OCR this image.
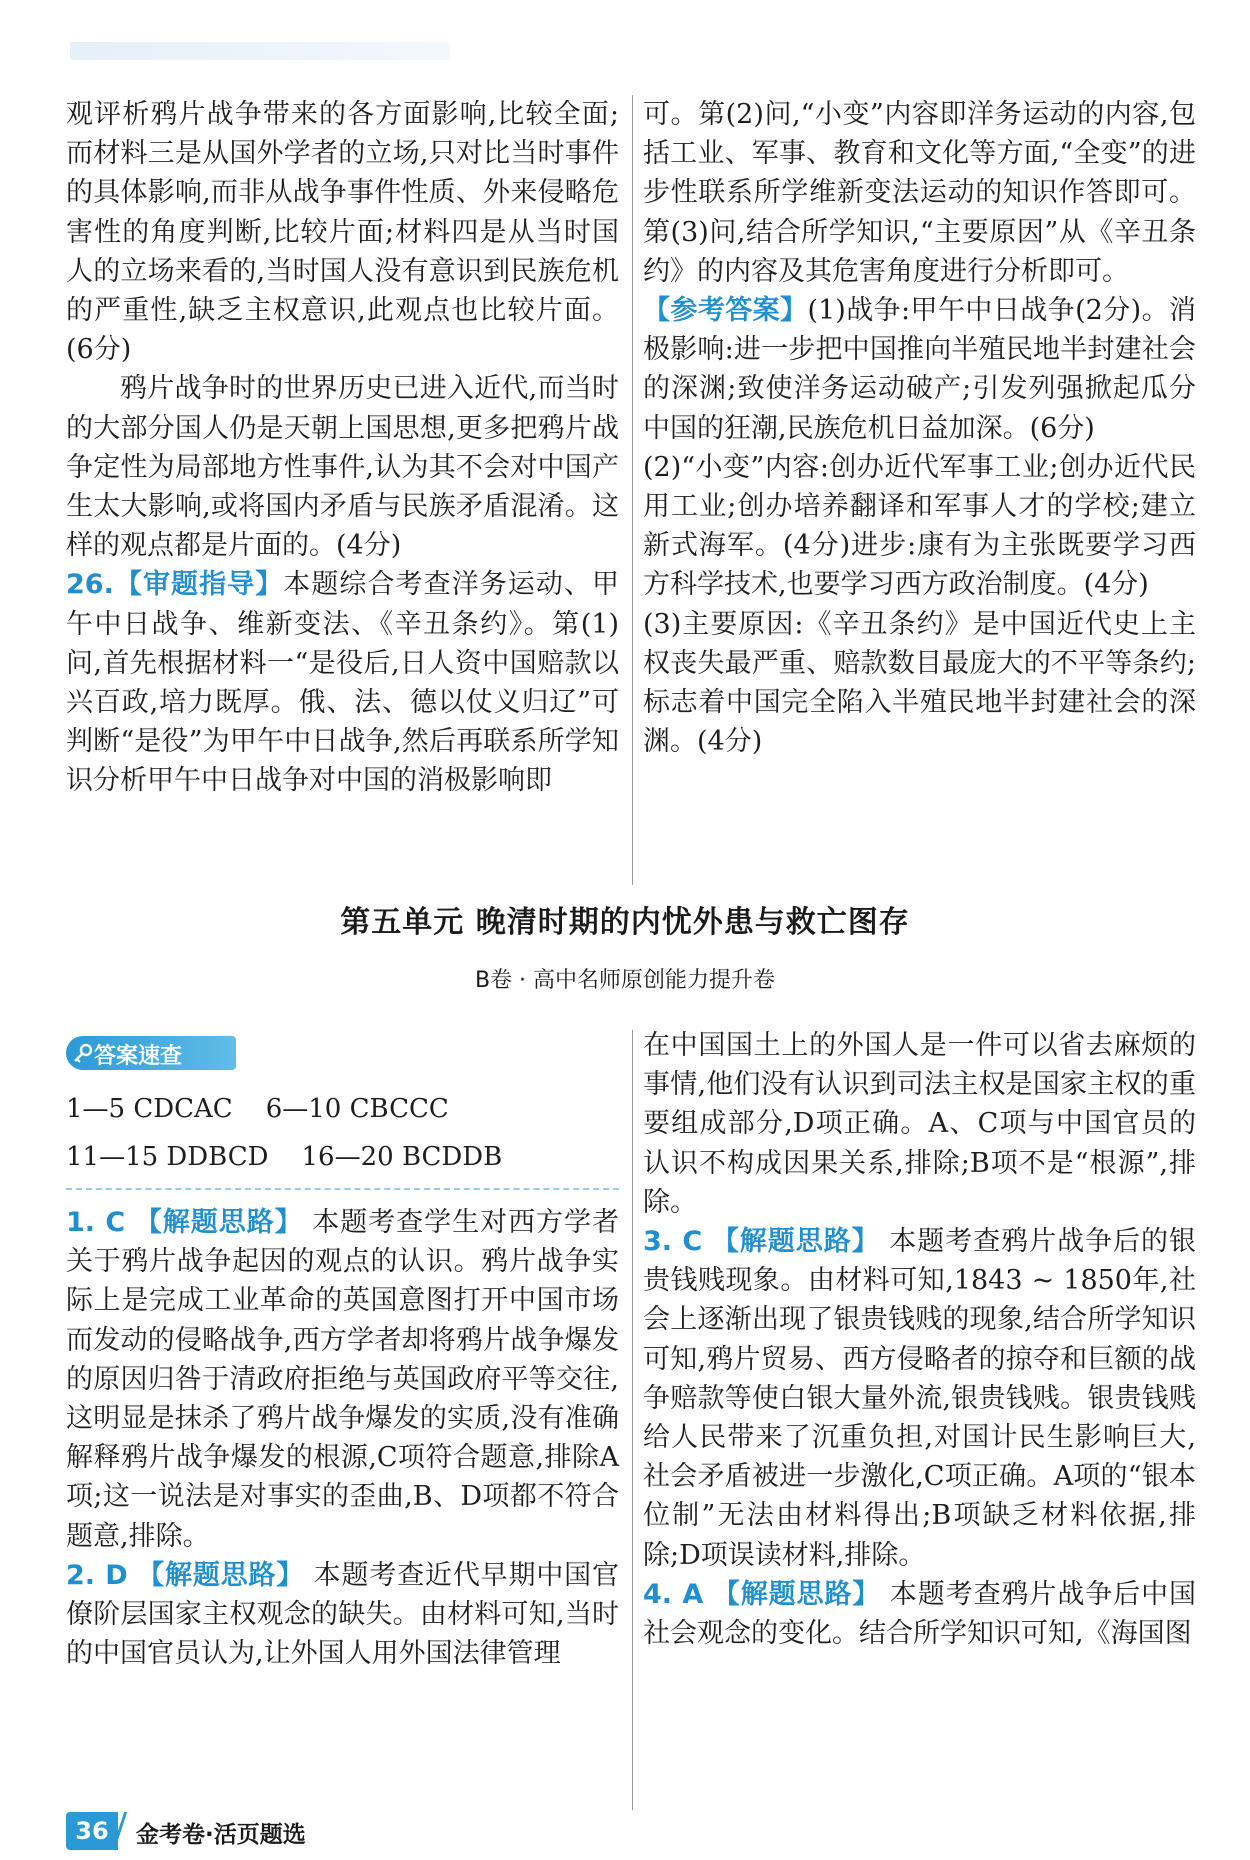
观评析鸦片战争带来的各方面影响,比较全面;而材料三是从国外学者的立场,只对比当时事件的具体影响,而非从战争事件性质、外来侵略危害性的角度判断,比较片面;材料四是从当时国人的立场来看的,当时国人没有意识到民族危机的严重性,缺乏主权意识,此观点也比较片面。(6分)

鸦片战争时的世界历史已进入近代,而当时的大部分国人仍是天朝上国思想,更多把鸦片战争定性为局部地方性事件,认为其不会对中国产生太大影响,或将国内矛盾与民族矛盾混淆。这样的观点都是片面的。(4分)

26.【审题指导】本题综合考查洋务运动、甲午中日战争、维新变法、《辛丑条约》。第(1)问,首先根据材料一“是役后,日人资中国赔款以兴百政,培力既厚。俄、法、德以仗义归辽”可判断“是役”为甲午中日战争,然后再联系所学知识分析甲午中日战争对中国的消极影响即

可。第(2)问,“小变”内容即洋务运动的内容,包括工业、军事、教育和文化等方面,“全变”的进步性联系所学维新变法运动的知识作答即可。第(3)问,结合所学知识,“主要原因”从《辛丑条约》的内容及其危害角度进行分析即可。

【参考答案】(1)战争:甲午中日战争(2分)。消极影响:进一步把中国推向半殖民地半封建社会的深渊;致使洋务运动破产;引发列强掀起瓜分中国的狂潮,民族危机日益加深。(6分)

(2)“小变”内容:创办近代军事工业;创办近代民用工业;创办培养翻译和军事人才的学校;建立新式海军。(4分)进步:康有为主张既要学习西方科学技术,也要学习西方政治制度。(4分)

(3)主要原因:《辛丑条约》是中国近代史上主权丧失最严重、赔款数目最庞大的不平等条约;标志着中国完全陷入半殖民地半封建社会的深渊。(4分)

第五单元 晚清时期的内忧外患与救亡图存
B卷 · 高中名师原创能力提升卷
答案速查
1—5 CDCAC    6—10 CBCCC
11—15 DDBCD    16—20 BCDDB

1. C 【解题思路】 本题考查学生对西方学者关于鸦片战争起因的观点的认识。鸦片战争实际上是完成工业革命的英国意图打开中国市场而发动的侵略战争,西方学者却将鸦片战争爆发的原因归咎于清政府拒绝与英国政府平等交往,这明显是抹杀了鸦片战争爆发的实质,没有准确解释鸦片战争爆发的根源,C项符合题意,排除A项;这一说法是对事实的歪曲,B、D项都不符合题意,排除。

2. D 【解题思路】 本题考查近代早期中国官僚阶层国家主权观念的缺失。由材料可知,当时的中国官员认为,让外国人用外国法律管理

在中国国土上的外国人是一件可以省去麻烦的事情,他们没有认识到司法主权是国家主权的重要组成部分,D项正确。A、C项与中国官员的认识不构成因果关系,排除;B项不是“根源”,排除。

3. C 【解题思路】 本题考查鸦片战争后的银贵钱贱现象。由材料可知,1843 ~ 1850年,社会上逐渐出现了银贵钱贱的现象,结合所学知识可知,鸦片贸易、西方侵略者的掠夺和巨额的战争赔款等使白银大量外流,银贵钱贱。银贵钱贱给人民带来了沉重负担,对国计民生影响巨大,社会矛盾被进一步激化,C项正确。A项的“银本位制”无法由材料得出;B项缺乏材料依据,排除;D项误读材料,排除。

4. A 【解题思路】 本题考查鸦片战争后中国社会观念的变化。结合所学知识可知,《海国图

36	金考卷·活页题选
